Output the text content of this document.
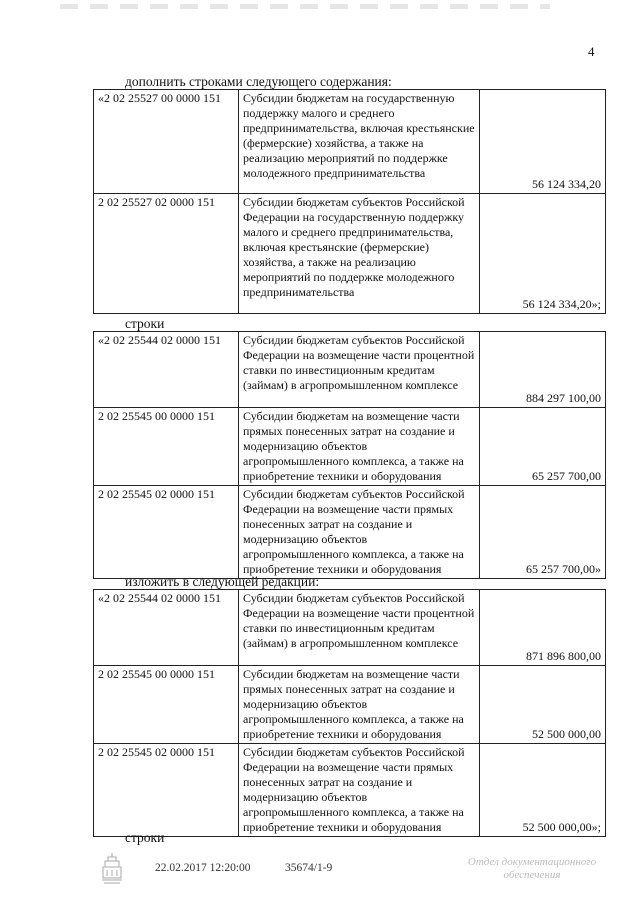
4
дополнить строками следующего содержания:
«2 02 25527 00 0000 151	Субсидии бюджетам на государственную поддержку малого и среднего предпринимательства, включая крестьянские (фермерские) хозяйства, а также на реализацию мероприятий по поддержке молодежного предпринимательства	56 124 334,20
2 02 25527 02 0000 151	Субсидии бюджетам субъектов Российской Федерации на государственную поддержку малого и среднего предпринимательства, включая крестьянские (фермерские) хозяйства, а также на реализацию мероприятий по поддержке молодежного предпринимательства	56 124 334,20»;
строки
«2 02 25544 02 0000 151	Субсидии бюджетам субъектов Российской Федерации на возмещение части процентной ставки по инвестиционным кредитам (займам) в агропромышленном комплексе	884 297 100,00
2 02 25545 00 0000 151	Субсидии бюджетам на возмещение части прямых понесенных затрат на создание и модернизацию объектов агропромышленного комплекса, а также на приобретение техники и оборудования	65 257 700,00
2 02 25545 02 0000 151	Субсидии бюджетам субъектов Российской Федерации на возмещение части прямых понесенных затрат на создание и модернизацию объектов агропромышленного комплекса, а также на приобретение техники и оборудования	65 257 700,00»
изложить в следующей редакции:
«2 02 25544 02 0000 151	Субсидии бюджетам субъектов Российской Федерации на возмещение части процентной ставки по инвестиционным кредитам (займам) в агропромышленном комплексе	871 896 800,00
2 02 25545 00 0000 151	Субсидии бюджетам на возмещение части прямых понесенных затрат на создание и модернизацию объектов агропромышленного комплекса, а также на приобретение техники и оборудования	52 500 000,00
2 02 25545 02 0000 151	Субсидии бюджетам субъектов Российской Федерации на возмещение части прямых понесенных затрат на создание и модернизацию объектов агропромышленного комплекса, а также на приобретение техники и оборудования	52 500 000,00»;
строки
22.02.2017 12:20:00	35674/1-9	Отдел документационного обеспечения
